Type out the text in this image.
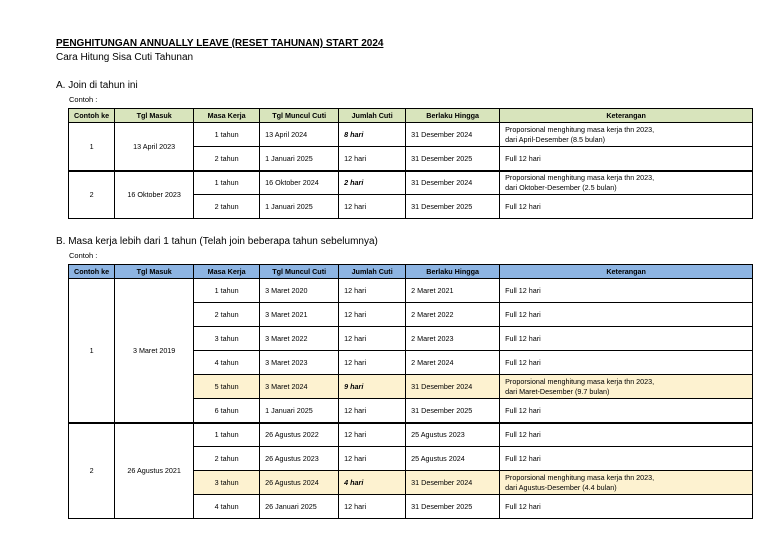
PENGHITUNGAN ANNUALLY LEAVE (RESET TAHUNAN) START 2024
Cara Hitung Sisa Cuti Tahunan
A. Join di tahun ini
Contoh :
Contoh ke	Tgl Masuk	Masa Kerja	Tgl Muncul Cuti	Jumlah Cuti	Berlaku Hingga	Keterangan
1	13 April 2023	1 tahun	13 April 2024	8 hari	31 Desember 2024	Proporsional menghitung masa kerja thn 2023,
dari April-Desember (8.5 bulan)

		2 tahun	1 Januari 2025	12 hari	31 Desember 2025	Full 12 hari
2	16 Oktober 2023	1 tahun	16 Oktober 2024	2 hari	31 Desember 2024	Proporsional menghitung masa kerja thn 2023,
dari Oktober-Desember (2.5 bulan)

		2 tahun	1 Januari 2025	12 hari	31 Desember 2025	Full 12 hari
B. Masa kerja lebih dari 1 tahun (Telah join beberapa tahun sebelumnya)
Contoh :
Contoh ke	Tgl Masuk	Masa Kerja	Tgl Muncul Cuti	Jumlah Cuti	Berlaku Hingga	Keterangan
1	3 Maret 2019	1 tahun	3 Maret 2020	12 hari	2 Maret 2021	Full 12 hari
		2 tahun	3 Maret 2021	12 hari	2 Maret 2022	Full 12 hari
		3 tahun	3 Maret 2022	12 hari	2 Maret 2023	Full 12 hari
		4 tahun	3 Maret 2023	12 hari	2 Maret 2024	Full 12 hari
		5 tahun	3 Maret 2024	9 hari	31 Desember 2024	Proporsional menghitung masa kerja thn 2023,
dari Maret-Desember (9.7 bulan)

		6 tahun	1 Januari 2025	12 hari	31 Desember 2025	Full 12 hari
2	26 Agustus 2021	1 tahun	26 Agustus 2022	12 hari	25 Agustus 2023	Full 12 hari
		2 tahun	26 Agustus 2023	12 hari	25 Agustus 2024	Full 12 hari
		3 tahun	26 Agustus 2024	4 hari	31 Desember 2024	Proporsional menghitung masa kerja thn 2023,
dari Agustus-Desember (4.4 bulan)

		4 tahun	26 Januari 2025	12 hari	31 Desember 2025	Full 12 hari
